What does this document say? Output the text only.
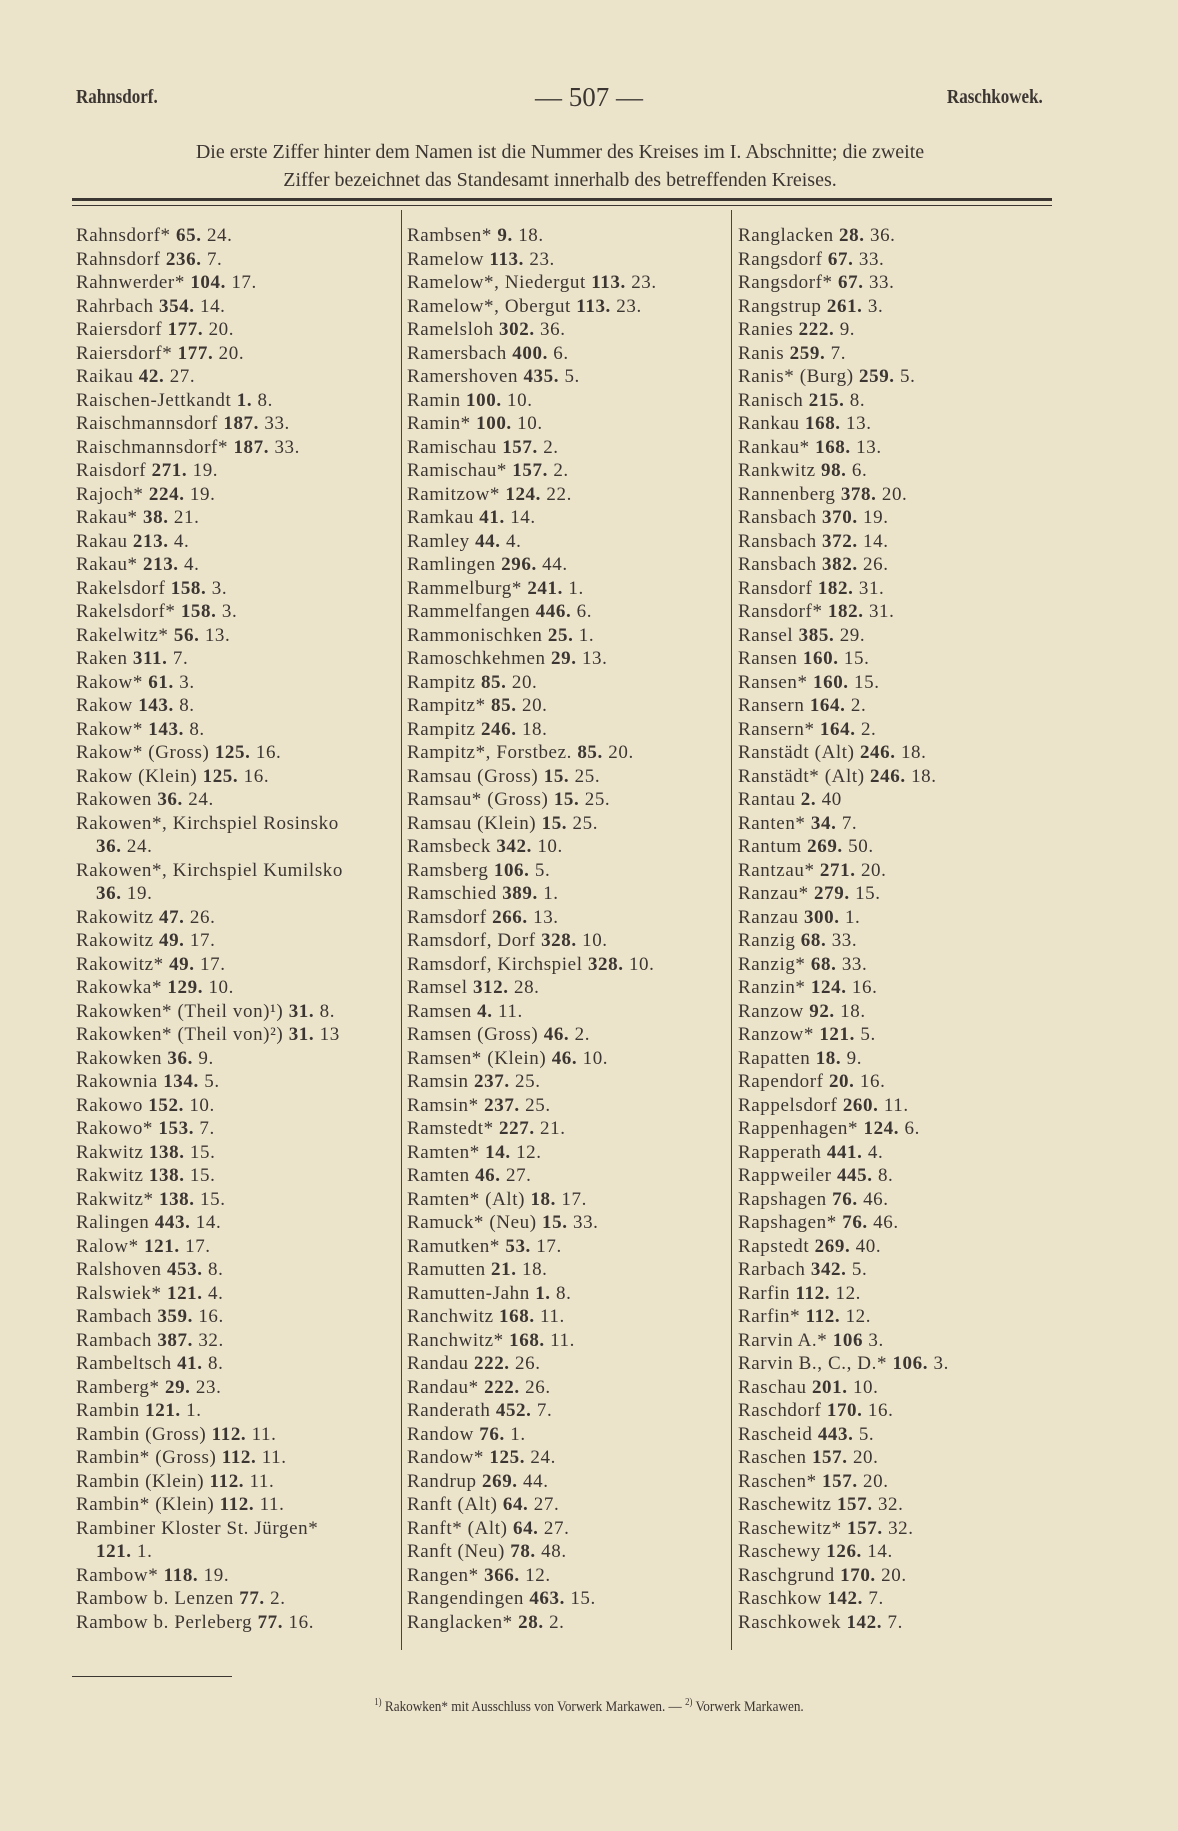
Rahnsdorf.	— 507 —	Raschkowek.
Die erste Ziffer hinter dem Namen ist die Nummer des Kreises im I. Abschnitte; die zweite
Ziffer bezeichnet das Standesamt innerhalb des betreffenden Kreises.
Rahnsdorf* 65. 24.
Rahnsdorf 236. 7.
Rahnwerder* 104. 17.
Rahrbach 354. 14.
Raiersdorf 177. 20.
Raiersdorf* 177. 20.
Raikau 42. 27.
Raischen-Jettkandt 1. 8.
Raischmannsdorf 187. 33.
Raischmannsdorf* 187. 33.
Raisdorf 271. 19.
Rajoch* 224. 19.
Rakau* 38. 21.
Rakau 213. 4.
Rakau* 213. 4.
Rakelsdorf 158. 3.
Rakelsdorf* 158. 3.
Rakelwitz* 56. 13.
Raken 311. 7.
Rakow* 61. 3.
Rakow 143. 8.
Rakow* 143. 8.
Rakow* (Gross) 125. 16.
Rakow (Klein) 125. 16.
Rakowen 36. 24.
Rakowen*, Kirchspiel Rosinsko
36. 24.
Rakowen*, Kirchspiel Kumilsko
36. 19.
Rakowitz 47. 26.
Rakowitz 49. 17.
Rakowitz* 49. 17.
Rakowka* 129. 10.
Rakowken* (Theil von)¹) 31. 8.
Rakowken* (Theil von)²) 31. 13
Rakowken 36. 9.
Rakownia 134. 5.
Rakowo 152. 10.
Rakowo* 153. 7.
Rakwitz 138. 15.
Rakwitz 138. 15.
Rakwitz* 138. 15.
Ralingen 443. 14.
Ralow* 121. 17.
Ralshoven 453. 8.
Ralswiek* 121. 4.
Rambach 359. 16.
Rambach 387. 32.
Rambeltsch 41. 8.
Ramberg* 29. 23.
Rambin 121. 1.
Rambin (Gross) 112. 11.
Rambin* (Gross) 112. 11.
Rambin (Klein) 112. 11.
Rambin* (Klein) 112. 11.
Rambiner Kloster St. Jürgen*
121. 1.
Rambow* 118. 19.
Rambow b. Lenzen 77. 2.
Rambow b. Perleberg 77. 16.
Rambsen* 9. 18.
Ramelow 113. 23.
Ramelow*, Niedergut 113. 23.
Ramelow*, Obergut 113. 23.
Ramelsloh 302. 36.
Ramersbach 400. 6.
Ramershoven 435. 5.
Ramin 100. 10.
Ramin* 100. 10.
Ramischau 157. 2.
Ramischau* 157. 2.
Ramitzow* 124. 22.
Ramkau 41. 14.
Ramley 44. 4.
Ramlingen 296. 44.
Rammelburg* 241. 1.
Rammelfangen 446. 6.
Rammonischken 25. 1.
Ramoschkehmen 29. 13.
Rampitz 85. 20.
Rampitz* 85. 20.
Rampitz 246. 18.
Rampitz*, Forstbez. 85. 20.
Ramsau (Gross) 15. 25.
Ramsau* (Gross) 15. 25.
Ramsau (Klein) 15. 25.
Ramsbeck 342. 10.
Ramsberg 106. 5.
Ramschied 389. 1.
Ramsdorf 266. 13.
Ramsdorf, Dorf 328. 10.
Ramsdorf, Kirchspiel 328. 10.
Ramsel 312. 28.
Ramsen 4. 11.
Ramsen (Gross) 46. 2.
Ramsen* (Klein) 46. 10.
Ramsin 237. 25.
Ramsin* 237. 25.
Ramstedt* 227. 21.
Ramten* 14. 12.
Ramten 46. 27.
Ramten* (Alt) 18. 17.
Ramuck* (Neu) 15. 33.
Ramutken* 53. 17.
Ramutten 21. 18.
Ramutten-Jahn 1. 8.
Ranchwitz 168. 11.
Ranchwitz* 168. 11.
Randau 222. 26.
Randau* 222. 26.
Randerath 452. 7.
Randow 76. 1.
Randow* 125. 24.
Randrup 269. 44.
Ranft (Alt) 64. 27.
Ranft* (Alt) 64. 27.
Ranft (Neu) 78. 48.
Rangen* 366. 12.
Rangendingen 463. 15.
Ranglacken* 28. 2.
Ranglacken 28. 36.
Rangsdorf 67. 33.
Rangsdorf* 67. 33.
Rangstrup 261. 3.
Ranies 222. 9.
Ranis 259. 7.
Ranis* (Burg) 259. 5.
Ranisch 215. 8.
Rankau 168. 13.
Rankau* 168. 13.
Rankwitz 98. 6.
Rannenberg 378. 20.
Ransbach 370. 19.
Ransbach 372. 14.
Ransbach 382. 26.
Ransdorf 182. 31.
Ransdorf* 182. 31.
Ransel 385. 29.
Ransen 160. 15.
Ransen* 160. 15.
Ransern 164. 2.
Ransern* 164. 2.
Ranstädt (Alt) 246. 18.
Ranstädt* (Alt) 246. 18.
Rantau 2. 40
Ranten* 34. 7.
Rantum 269. 50.
Rantzau* 271. 20.
Ranzau* 279. 15.
Ranzau 300. 1.
Ranzig 68. 33.
Ranzig* 68. 33.
Ranzin* 124. 16.
Ranzow 92. 18.
Ranzow* 121. 5.
Rapatten 18. 9.
Rapendorf 20. 16.
Rappelsdorf 260. 11.
Rappenhagen* 124. 6.
Rapperath 441. 4.
Rappweiler 445. 8.
Rapshagen 76. 46.
Rapshagen* 76. 46.
Rapstedt 269. 40.
Rarbach 342. 5.
Rarfin 112. 12.
Rarfin* 112. 12.
Rarvin A.* 106 3.
Rarvin B., C., D.* 106. 3.
Raschau 201. 10.
Raschdorf 170. 16.
Rascheid 443. 5.
Raschen 157. 20.
Raschen* 157. 20.
Raschewitz 157. 32.
Raschewitz* 157. 32.
Raschewy 126. 14.
Raschgrund 170. 20.
Raschkow 142. 7.
Raschkowek 142. 7.
$^{1)}$ Rakowken* mit Ausschluss von Vorwerk Markawen. — $^{2)}$ Vorwerk Markawen.
